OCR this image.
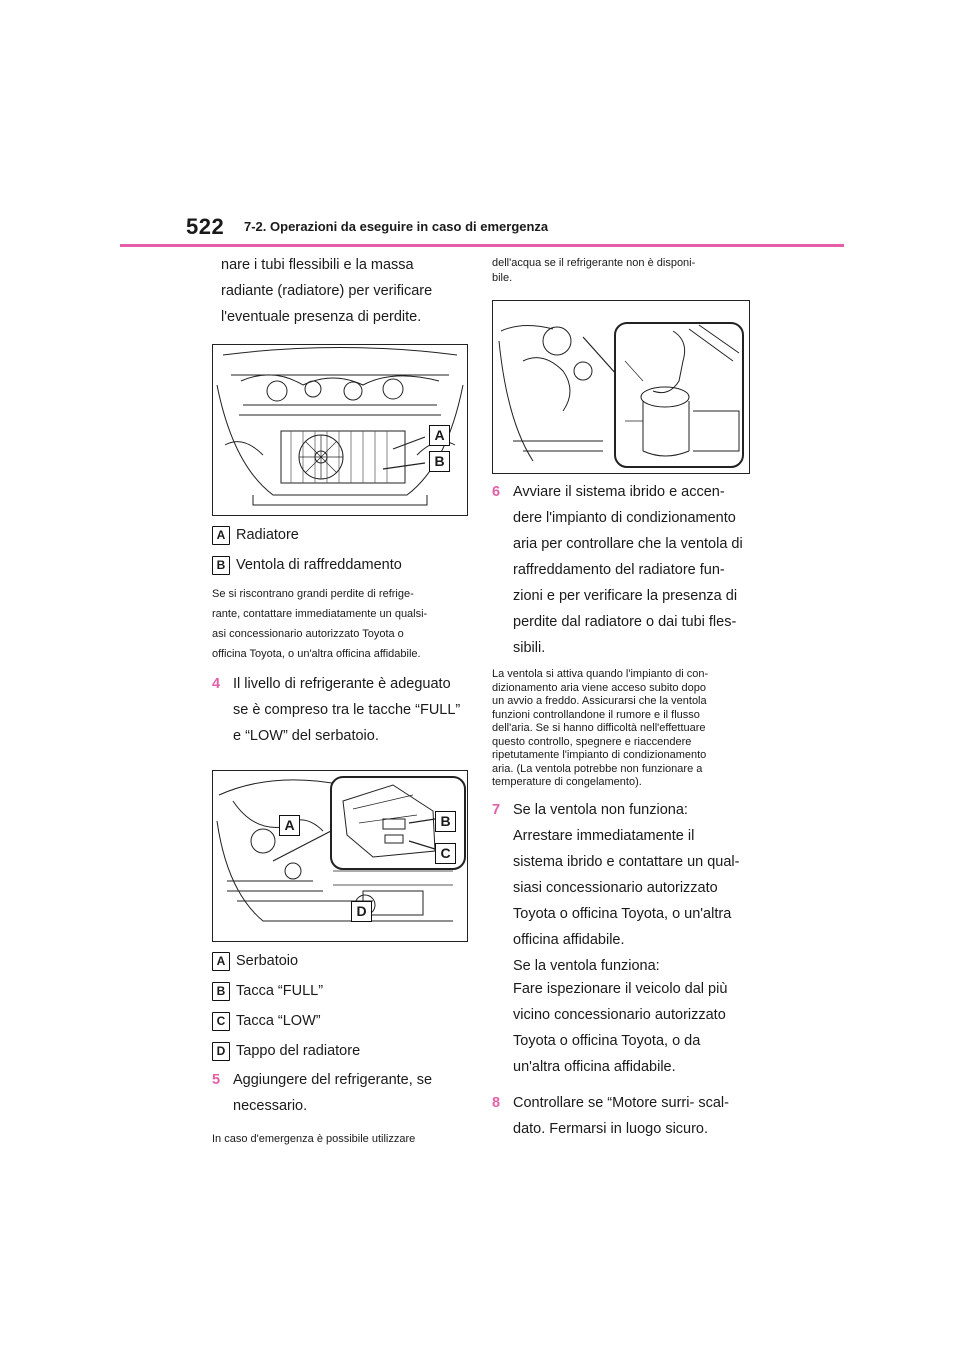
522 7-2. Operazioni da eseguire in caso di emergenza
nare i tubi flessibili e la massa
radiante (radiatore) per verificare
l'eventuale presenza di perdite.
A
B
A Radiatore
B Ventola di raffreddamento
Se si riscontrano grandi perdite di refrige-
rante, contattare immediatamente un qualsi-
asi concessionario autorizzato Toyota o
officina Toyota, o un'altra officina affidabile.
4 Il livello di refrigerante è adeguato
se è compreso tra le tacche “FULL”
e “LOW” del serbatoio.
A	B
C
D
A Serbatoio
B Tacca “FULL”
C Tacca “LOW”
D Tappo del radiatore
5 Aggiungere del refrigerante, se
necessario.
In caso d'emergenza è possibile utilizzare
dell'acqua se il refrigerante non è disponi-
bile.
6 Avviare il sistema ibrido e accen-
dere l'impianto di condizionamento
aria per controllare che la ventola di
raffreddamento del radiatore fun-
zioni e per verificare la presenza di
perdite dal radiatore o dai tubi fles-
sibili.
La ventola si attiva quando l'impianto di con-
dizionamento aria viene acceso subito dopo
un avvio a freddo. Assicurarsi che la ventola
funzioni controllandone il rumore e il flusso
dell'aria. Se si hanno difficoltà nell'effettuare
questo controllo, spegnere e riaccendere
ripetutamente l'impianto di condizionamento
aria. (La ventola potrebbe non funzionare a
temperature di congelamento).
7 Se la ventola non funziona:
Arrestare immediatamente il
sistema ibrido e contattare un qual-
siasi concessionario autorizzato
Toyota o officina Toyota, o un'altra
officina affidabile.
Se la ventola funziona:
Fare ispezionare il veicolo dal più
vicino concessionario autorizzato
Toyota o officina Toyota, o da
un'altra officina affidabile.
8 Controllare se “Motore surri- scal-
dato. Fermarsi in luogo sicuro.
